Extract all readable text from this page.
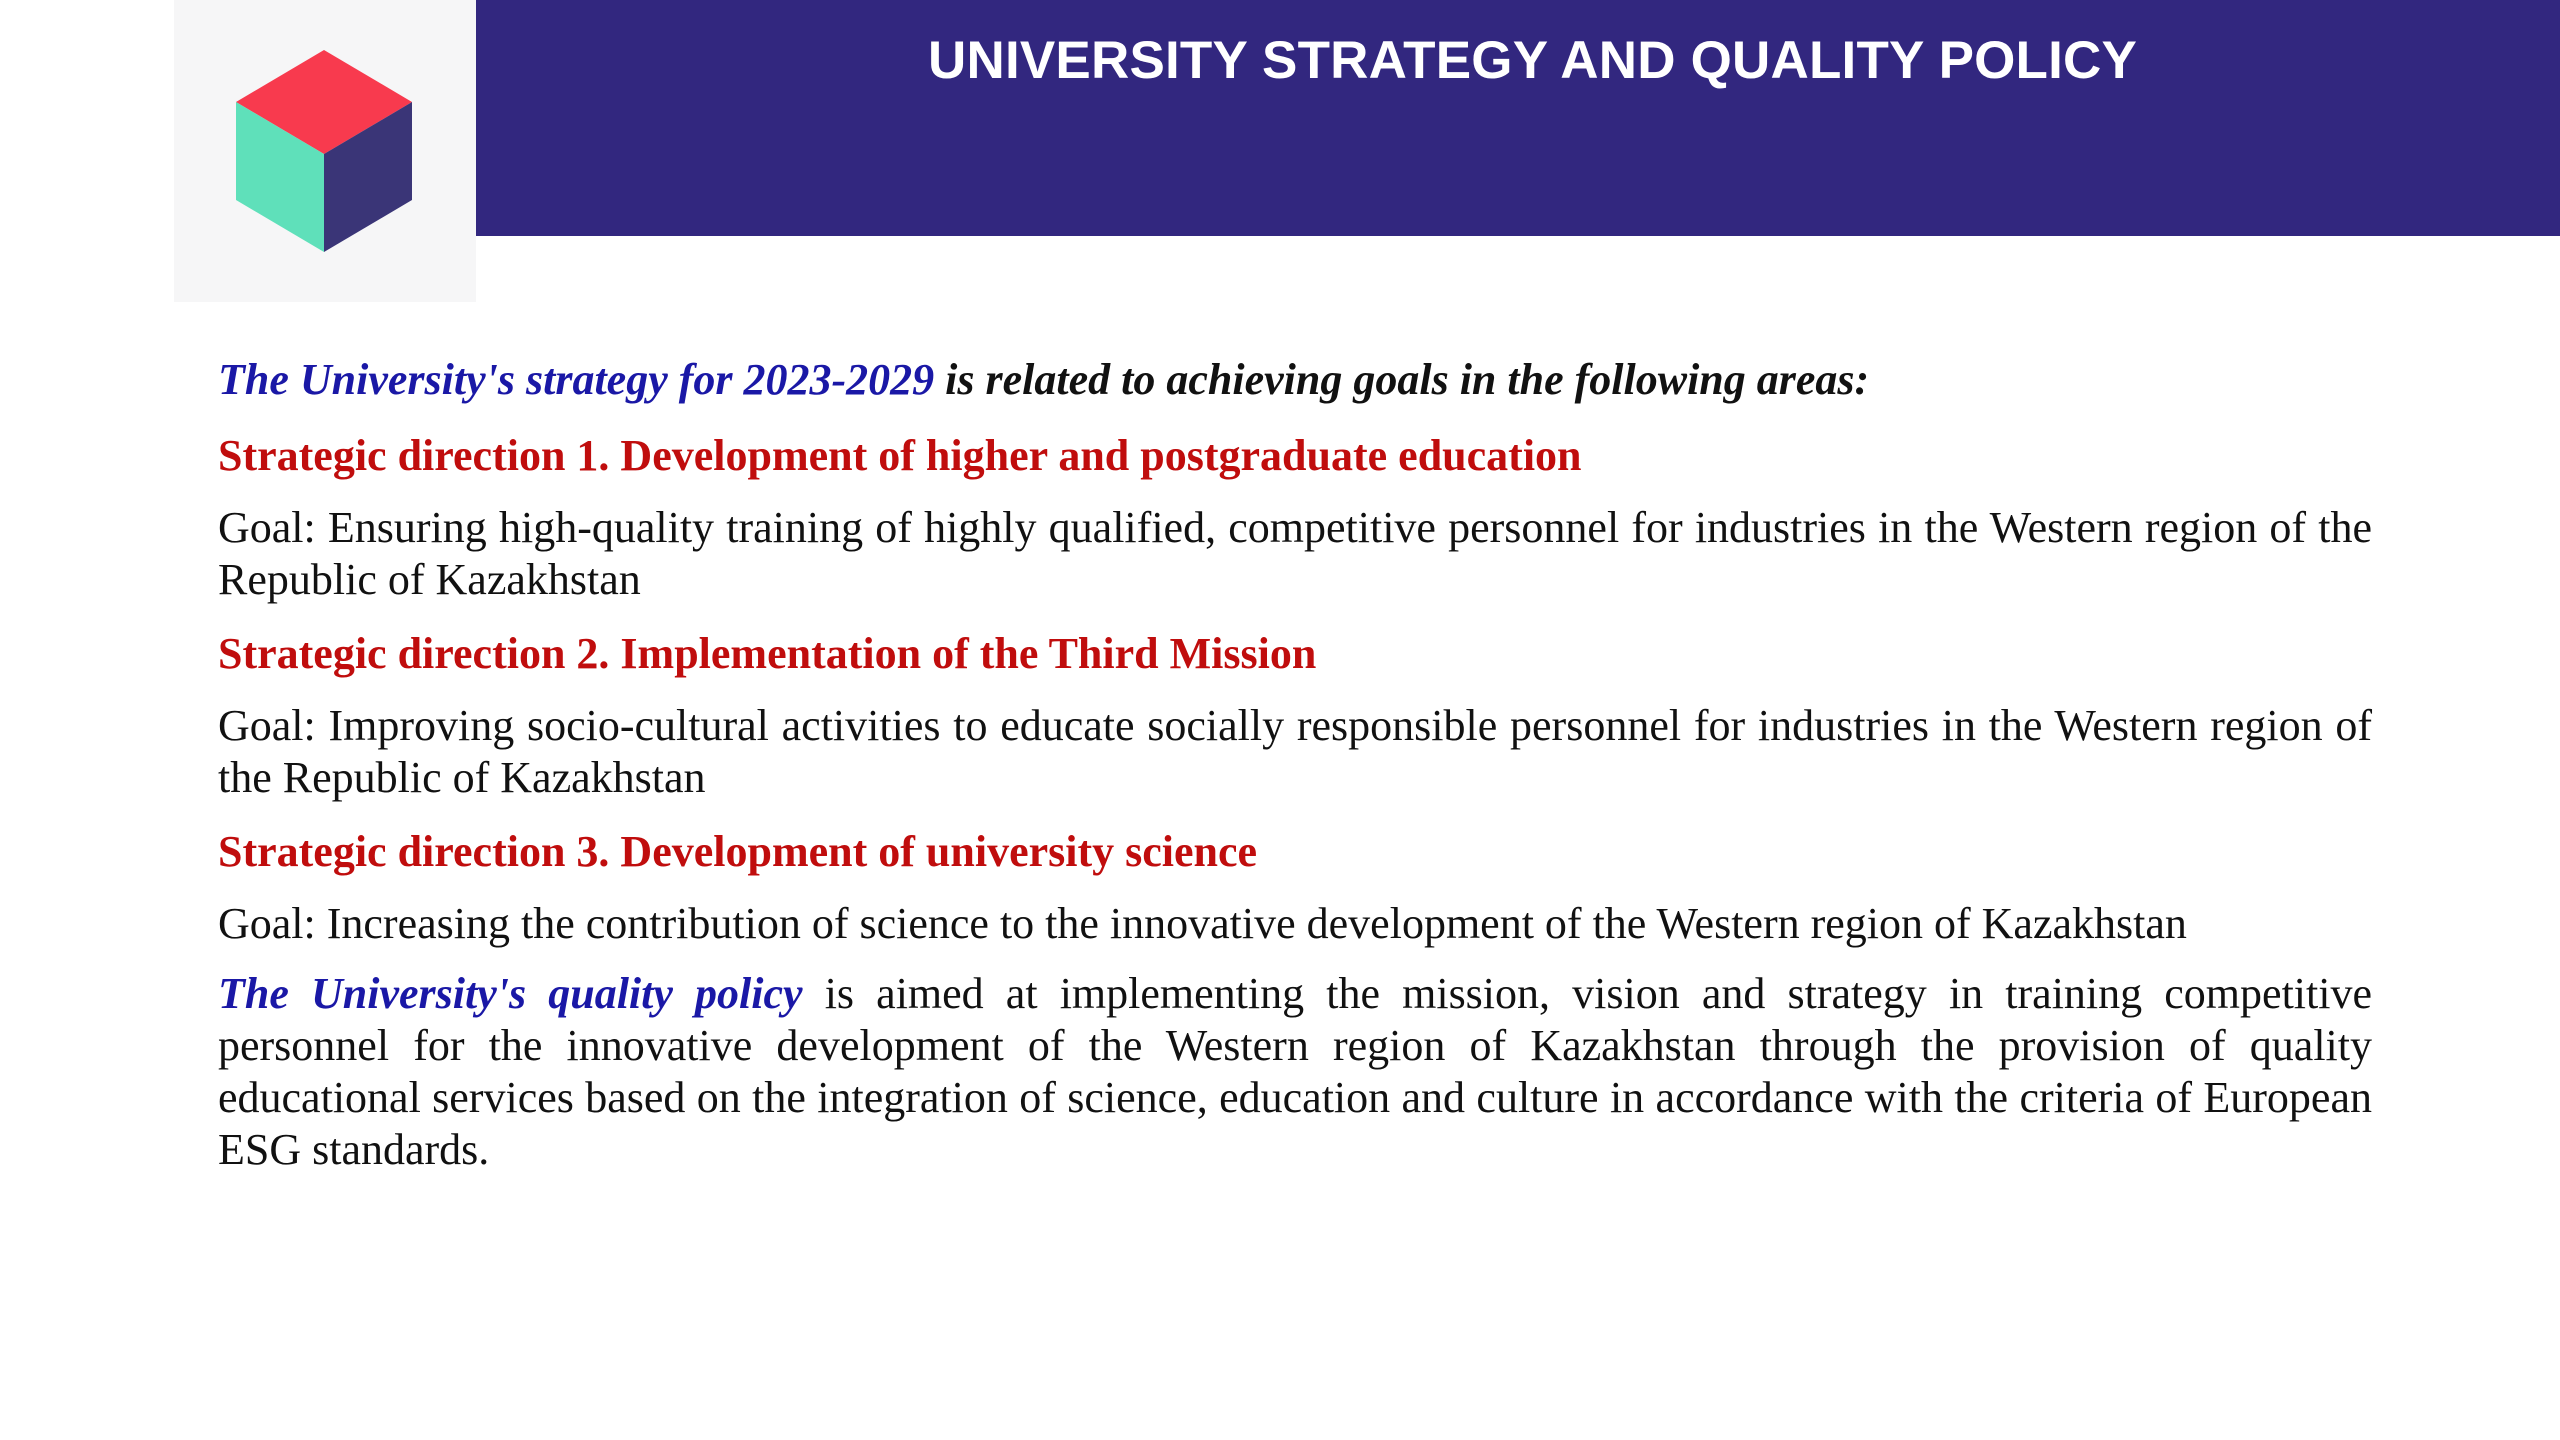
UNIVERSITY STRATEGY AND QUALITY POLICY

The University's strategy for 2023-2029 is related to achieving goals in the following areas:

Strategic direction 1. Development of higher and postgraduate education

Goal: Ensuring high-quality training of highly qualified, competitive personnel for industries in the Western region of the Republic of Kazakhstan

Strategic direction 2. Implementation of the Third Mission

Goal: Improving socio-cultural activities to educate socially responsible personnel for industries in the Western region of the Republic of Kazakhstan

Strategic direction 3. Development of university science

Goal: Increasing the contribution of science to the innovative development of the Western region of Kazakhstan

The University's quality policy is aimed at implementing the mission, vision and strategy in training competitive personnel for the innovative development of the Western region of Kazakhstan through the provision of quality educational services based on the integration of science, education and culture in accordance with the criteria of European ESG standards.
